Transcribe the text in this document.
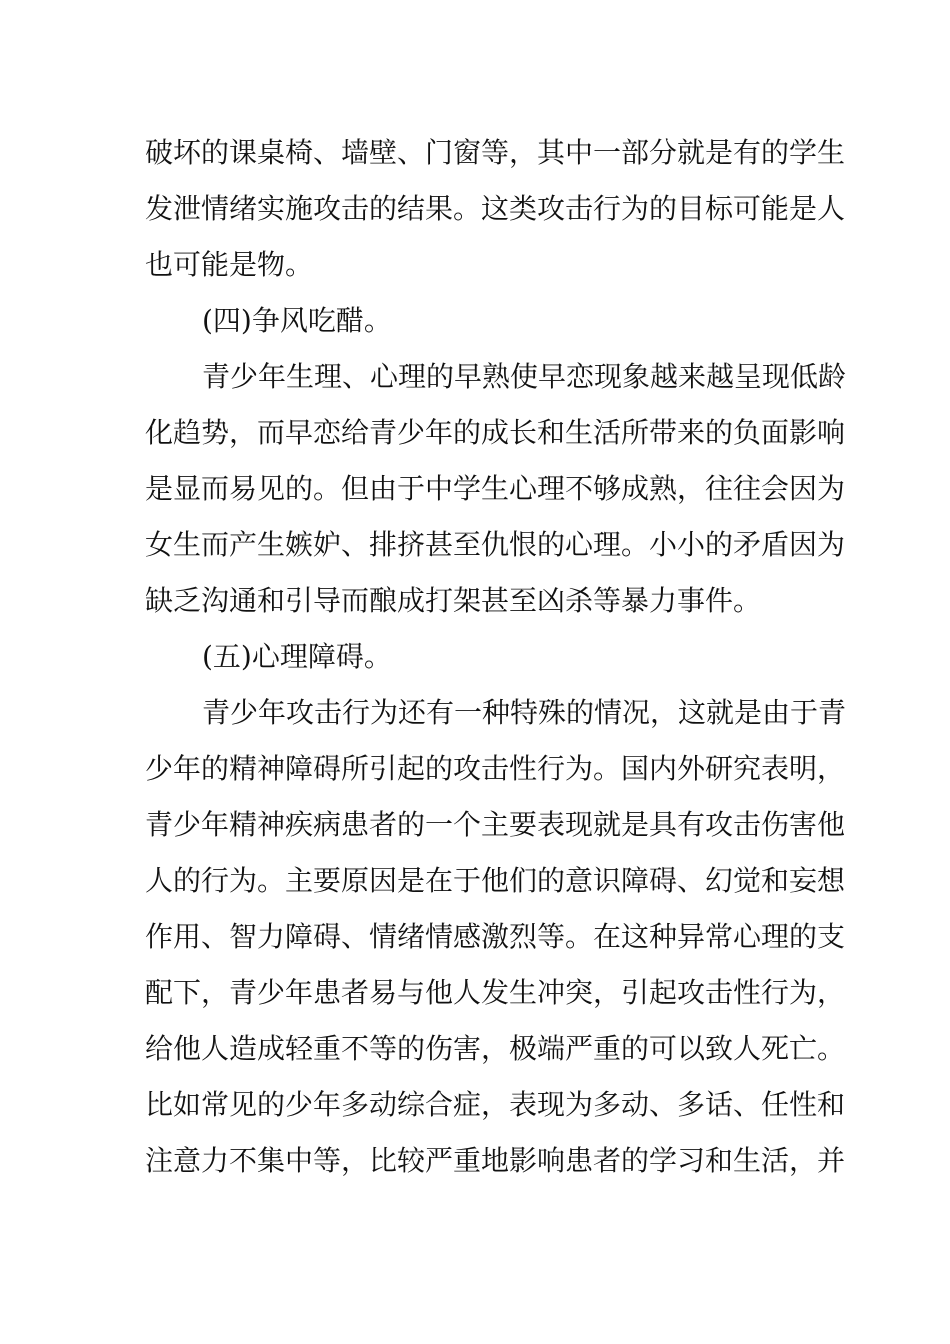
破坏的课桌椅、墙壁、门窗等，其中一部分就是有的学生
发泄情绪实施攻击的结果。这类攻击行为的目标可能是人
也可能是物。
(四)争风吃醋。
青少年生理、心理的早熟使早恋现象越来越呈现低龄
化趋势，而早恋给青少年的成长和生活所带来的负面影响
是显而易见的。但由于中学生心理不够成熟，往往会因为
女生而产生嫉妒、排挤甚至仇恨的心理。小小的矛盾因为
缺乏沟通和引导而酿成打架甚至凶杀等暴力事件。
(五)心理障碍。
青少年攻击行为还有一种特殊的情况，这就是由于青
少年的精神障碍所引起的攻击性行为。国内外研究表明，
青少年精神疾病患者的一个主要表现就是具有攻击伤害他
人的行为。主要原因是在于他们的意识障碍、幻觉和妄想
作用、智力障碍、情绪情感激烈等。在这种异常心理的支
配下，青少年患者易与他人发生冲突，引起攻击性行为，
给他人造成轻重不等的伤害，极端严重的可以致人死亡。
比如常见的少年多动综合症，表现为多动、多话、任性和
注意力不集中等，比较严重地影响患者的学习和生活，并
